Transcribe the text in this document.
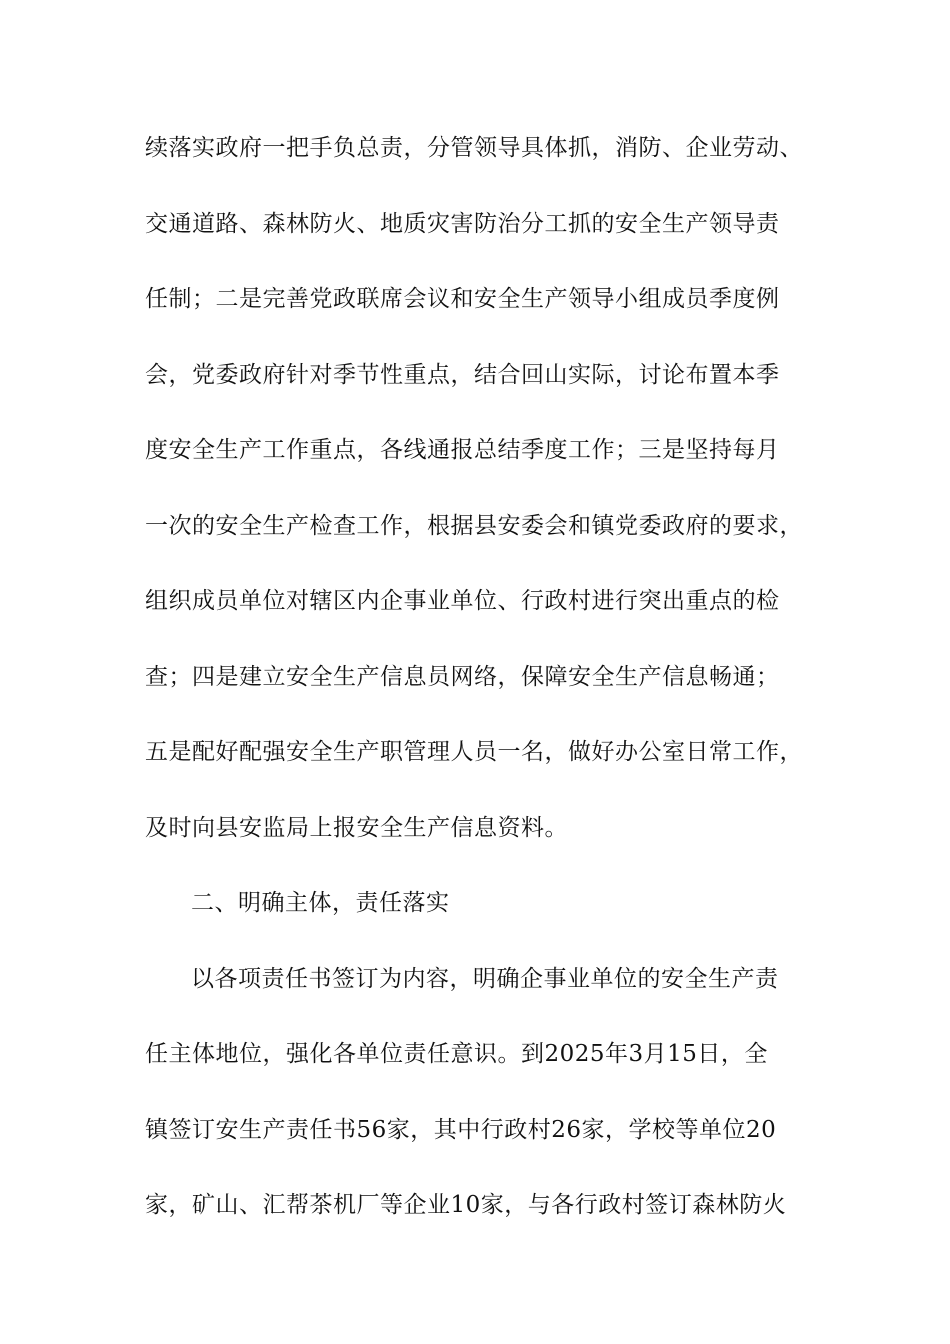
续落实政府一把手负总责，分管领导具体抓，消防、企业劳动、
交通道路、森林防火、地质灾害防治分工抓的安全生产领导责
任制；二是完善党政联席会议和安全生产领导小组成员季度例
会，党委政府针对季节性重点，结合回山实际，讨论布置本季
度安全生产工作重点，各线通报总结季度工作；三是坚持每月
一次的安全生产检查工作，根据县安委会和镇党委政府的要求，
组织成员单位对辖区内企事业单位、行政村进行突出重点的检
查；四是建立安全生产信息员网络，保障安全生产信息畅通；
五是配好配强安全生产职管理人员一名，做好办公室日常工作，
及时向县安监局上报安全生产信息资料。
二、明确主体，责任落实
以各项责任书签订为内容，明确企事业单位的安全生产责
任主体地位，强化各单位责任意识。到2025年3月15日，全
镇签订安生产责任书56家，其中行政村26家，学校等单位20
家，矿山、汇帮茶机厂等企业10家，与各行政村签订森林防火
